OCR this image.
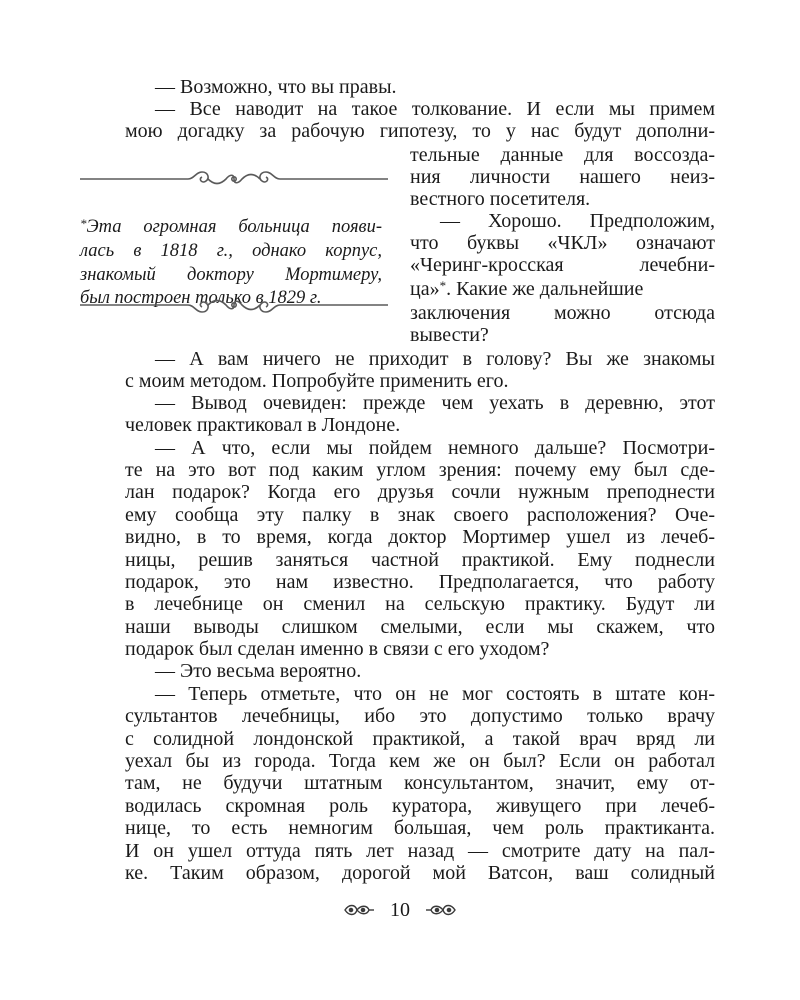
— Возможно, что вы правы.

— Все наводит на такое толкование. И если мы примем

мою догадку за рабочую гипотезу, то у нас будут дополни-

тельные данные для воссозда-

ния личности нашего неиз-

вестного посетителя.

— Хорошо. Предположим,

что буквы «ЧКЛ» означают

«Черинг-кросская лечебни-

ца»*. Какие же дальнейшие

заключения можно отсюда

вывести?

— А вам ничего не приходит в голову? Вы же знакомы

с моим методом. Попробуйте применить его.

— Вывод очевиден: прежде чем уехать в деревню, этот

человек практиковал в Лондоне.

— А что, если мы пойдем немного дальше? Посмотри-

те на это вот под каким углом зрения: почему ему был сде-

лан подарок? Когда его друзья сочли нужным преподнести

ему сообща эту палку в знак своего расположения? Оче-

видно, в то время, когда доктор Мортимер ушел из лечеб-

ницы, решив заняться частной практикой. Ему поднесли

подарок, это нам известно. Предполагается, что работу

в лечебнице он сменил на сельскую практику. Будут ли

наши выводы слишком смелыми, если мы скажем, что

подарок был сделан именно в связи с его уходом?

— Это весьма вероятно.

— Теперь отметьте, что он не мог состоять в штате кон-

сультантов лечебницы, ибо это допустимо только врачу

с солидной лондонской практикой, а такой врач вряд ли

уехал бы из города. Тогда кем же он был? Если он работал

там, не будучи штатным консультантом, значит, ему от-

водилась скромная роль куратора, живущего при лечеб-

нице, то есть немногим большая, чем роль практиканта.

И он ушел оттуда пять лет назад — смотрите дату на пал-

ке. Таким образом, дорогой мой Ватсон, ваш солидный

*Эта огромная больница появи-

лась в 1818 г., однако корпус,

знакомый доктору Мортимеру,

был построен только в 1829 г.

10
